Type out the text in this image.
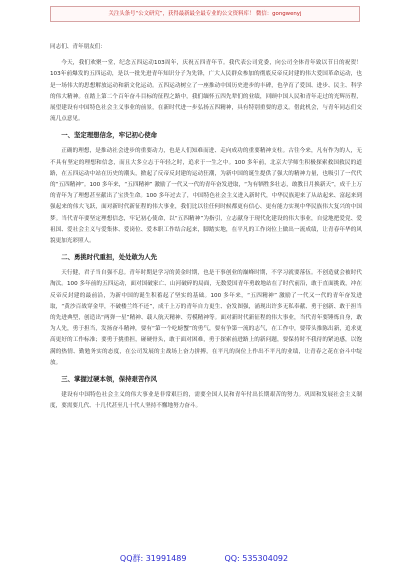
关注头条号“公文研究”，获得最新最全最专业的公文资料库！ 微信：gongwenyj

同志们、青年朋友们：

今天，我们欢聚一堂，纪念五四运动103周年，庆祝五四青年节。我代表公司党委，向公司全体青年致以节日的祝贺！103年前爆发的五四运动，是以一批先进青年知识分子为先锋，广大人民群众参加的彻底反帝反封建的伟大爱国革命运动，也是一场伟大的思想解放运动和新文化运动。五四运动树立了一座推动中国历史进步的丰碑，也孕育了爱国、进步、民主、科学的伟大精神。在踏上第二个百年奋斗目标的征程之路中，我们缅怀五四先辈们的业绩，回顾中国人民和青年走过的光辉历程，展望建设有中国特色社会主义事业的前景，在新时代进一步弘扬五四精神，具有特别重要的意义。借此机会，与青年同志们交流几点意见。

一、坚定理想信念，牢记初心使命

正确的理想，是推动社会进步的重要动力，也是人们知难而进、走向成功的重要精神支柱。古往今来，凡有作为的人，无不具有坚定的理想和信念，而且大多立志于年轻之时，追求于一生之中。100 多年前，北京大学师生积极探索救国救民的道路，在五四运动中站在历史的潮头，掀起了反帝反封建的运动狂潮，为新中国的诞生提供了强大的精神力量，也吸引了一代代的“五四精神”。100 多年来，“五四精神” 激励了一代又一代的青年奋发进取，“为有牺牲多壮志，敢教日月换新天”，成千上万的青年为了理想甚至献出了宝贵生命。100 多年过去了，中国特色社会主义进入新时代，中华民族迎来了从站起来、富起来到强起来的伟大飞跃，面对新时代新征程的伟大事业，我们比以往任何时候都更有信心、更有能力实现中华民族伟大复兴的中国梦。当代青年要坚定理想信念，牢记初心使命，以“五四精神”为指引，立志献身于现代化建设的伟大事业，自觉地把爱党、爱祖国、爱社会主义与爱集体、爱岗位、爱本职工作结合起来，脚踏实地，在平凡的工作岗位上做出一流成绩，让青春年华的风貌更加光彩照人。

二、勇挑时代重担，处处敢为人先

天行健，君子当自强不息。青年时期是学习的黄金时期，也是干事创业的巅峰时期，不学习就要落伍。不创造就会被时代淘汰。100 多年前的五四运动，面对国破家亡、山河破碎的局面，无数爱国青年勇敢地站在了时代前沿，敢于直面挑战，冲在反帝反封建的最前沿，为新中国的诞生积蓄起了坚实的基础。100 多年来，“五四精神” 激励了一代又一代的青年奋发进取，“黄沙百战穿金甲，不破楼兰终不还”，成千上万的青年自力更生、奋发图强，涌现出许多无私奉献、勇于创新、敢于担当的先进典型，创造出“两弹一星”精神、载人航天精神、劳模精神等。面对新时代新征程的伟大事业，当代青年要锤炼自身，敢为人先，勇于担当，发扬奋斗精神，要有“第一个吃螃蟹”的勇气，要有争第一流的志气，在工作中，要带头推陈出新，追求更高更好的工作标准；要勇于挑重担，碰硬骨头，敢于面对困难，勇于探索前进路上的新问题，要保持时不我待的紧迫感，以饱满的热情、勤勉务实的态度，在公司发展的主战场上奋力拼搏，在平凡的岗位上作出不平凡的业绩，让青春之花在奋斗中绽放。

三、掌握过硬本领，保持艰苦作风

建设有中国特色社会主义的伟大事业是非常艰巨的，需要全国人民和青年付出长期艰苦的努力。巩固和发展社会主义制度，要需要几代、十几代甚至几十代人坚持不懈地努力奋斗。

QQ群: 31991489	QQ: 535304092
